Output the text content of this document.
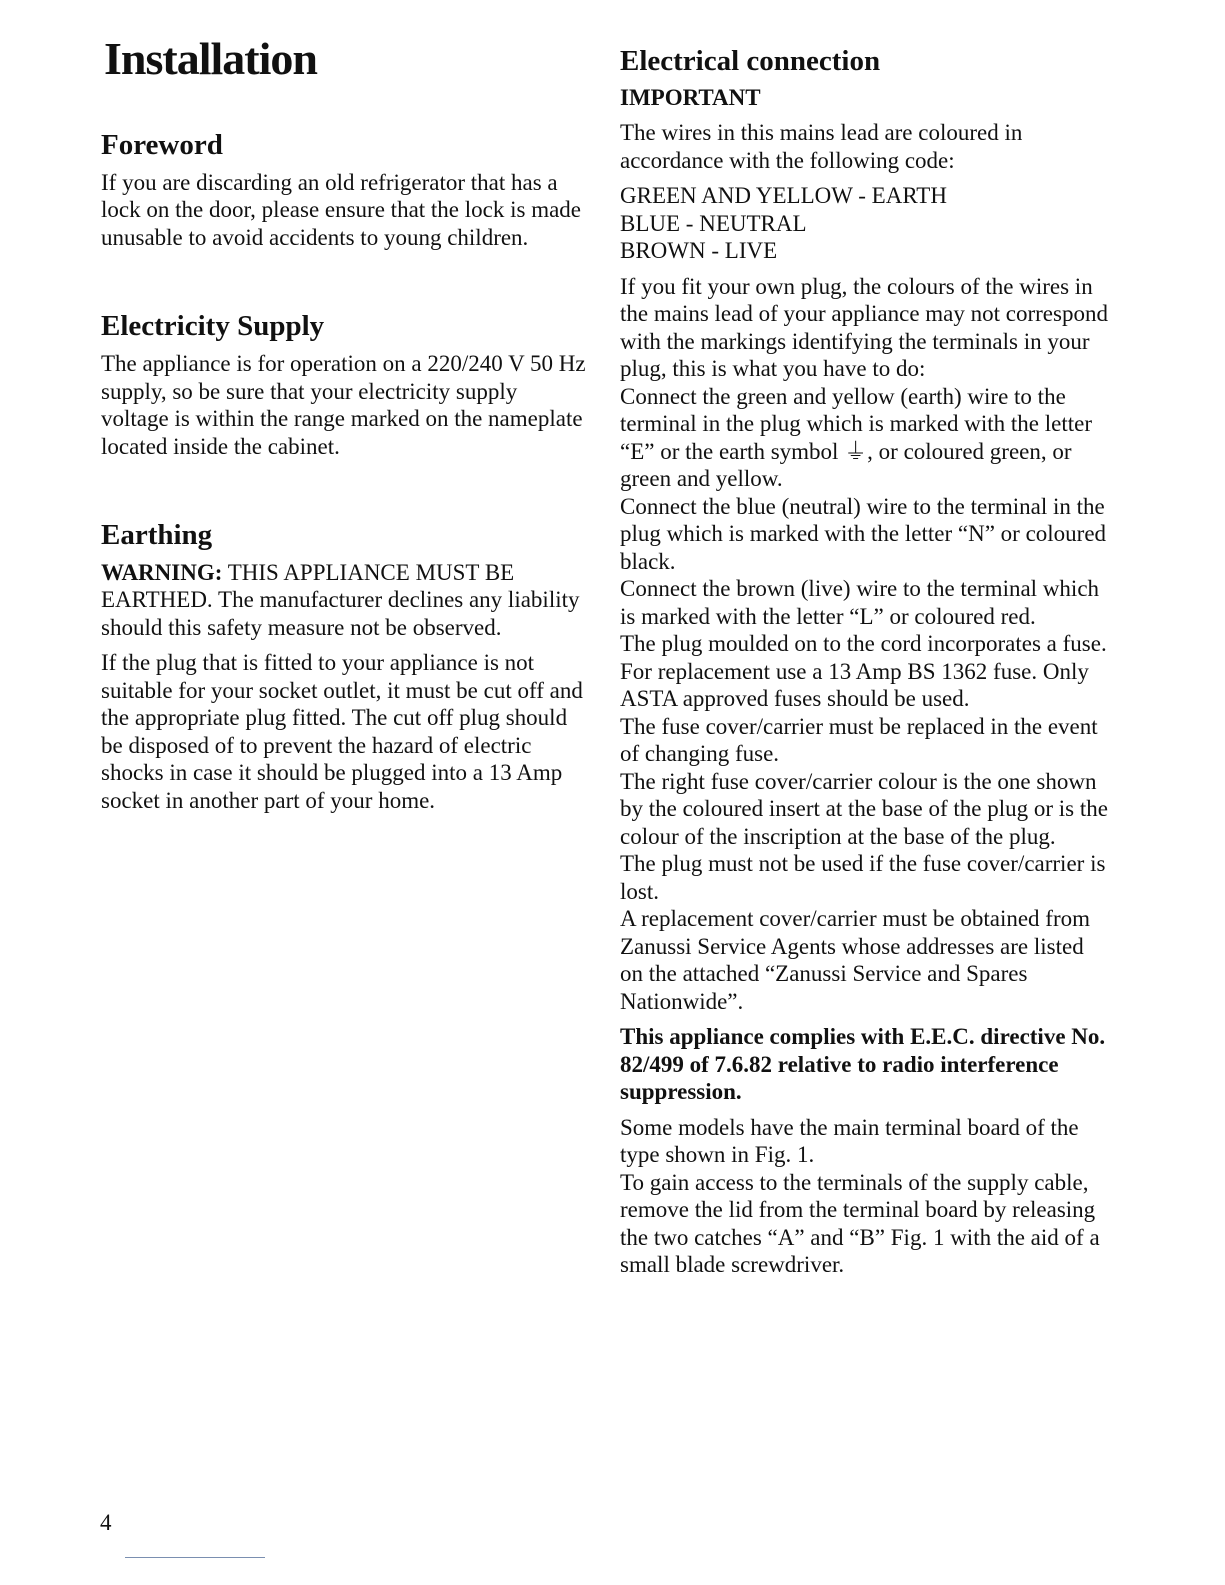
Installation
Foreword

If you are discarding an old refrigerator that has a lock on the door, please ensure that the lock is made unusable to avoid accidents to young children.

Electricity Supply

The appliance is for operation on a 220/240 V 50 Hz supply, so be sure that your electricity supply voltage is within the range marked on the nameplate located inside the cabinet.

Earthing

WARNING: THIS APPLIANCE MUST BE EARTHED. The manufacturer declines any liability should this safety measure not be observed.

If the plug that is fitted to your appliance is not suitable for your socket outlet, it must be cut off and the appropriate plug fitted. The cut off plug should be disposed of to prevent the hazard of electric shocks in case it should be plugged into a 13 Amp socket in another part of your home.

Electrical connection
IMPORTANT

The wires in this mains lead are coloured in accordance with the following code:

GREEN AND YELLOW - EARTH

BLUE - NEUTRAL

BROWN - LIVE

If you fit your own plug, the colours of the wires in the mains lead of your appliance may not correspond with the markings identifying the terminals in your plug, this is what you have to do:

Connect the green and yellow (earth) wire to the terminal in the plug which is marked with the letter “E” or the earth symbol ⏚, or coloured green, or green and yellow.

Connect the blue (neutral) wire to the terminal in the plug which is marked with the letter “N” or coloured black.

Connect the brown (live) wire to the terminal which is marked with the letter “L” or coloured red.

The plug moulded on to the cord incorporates a fuse. For replacement use a 13 Amp BS 1362 fuse. Only ASTA approved fuses should be used.

The fuse cover/carrier must be replaced in the event of changing fuse.

The right fuse cover/carrier colour is the one shown by the coloured insert at the base of the plug or is the colour of the inscription at the base of the plug.

The plug must not be used if the fuse cover/carrier is lost.

A replacement cover/carrier must be obtained from Zanussi Service Agents whose addresses are listed on the attached “Zanussi Service and Spares Nationwide”.

This appliance complies with E.E.C. directive No. 82/499 of 7.6.82 relative to radio interference suppression.

Some models have the main terminal board of the type shown in Fig. 1.

To gain access to the terminals of the supply cable, remove the lid from the terminal board by releasing the two catches “A” and “B” Fig. 1 with the aid of a small blade screwdriver.

4
